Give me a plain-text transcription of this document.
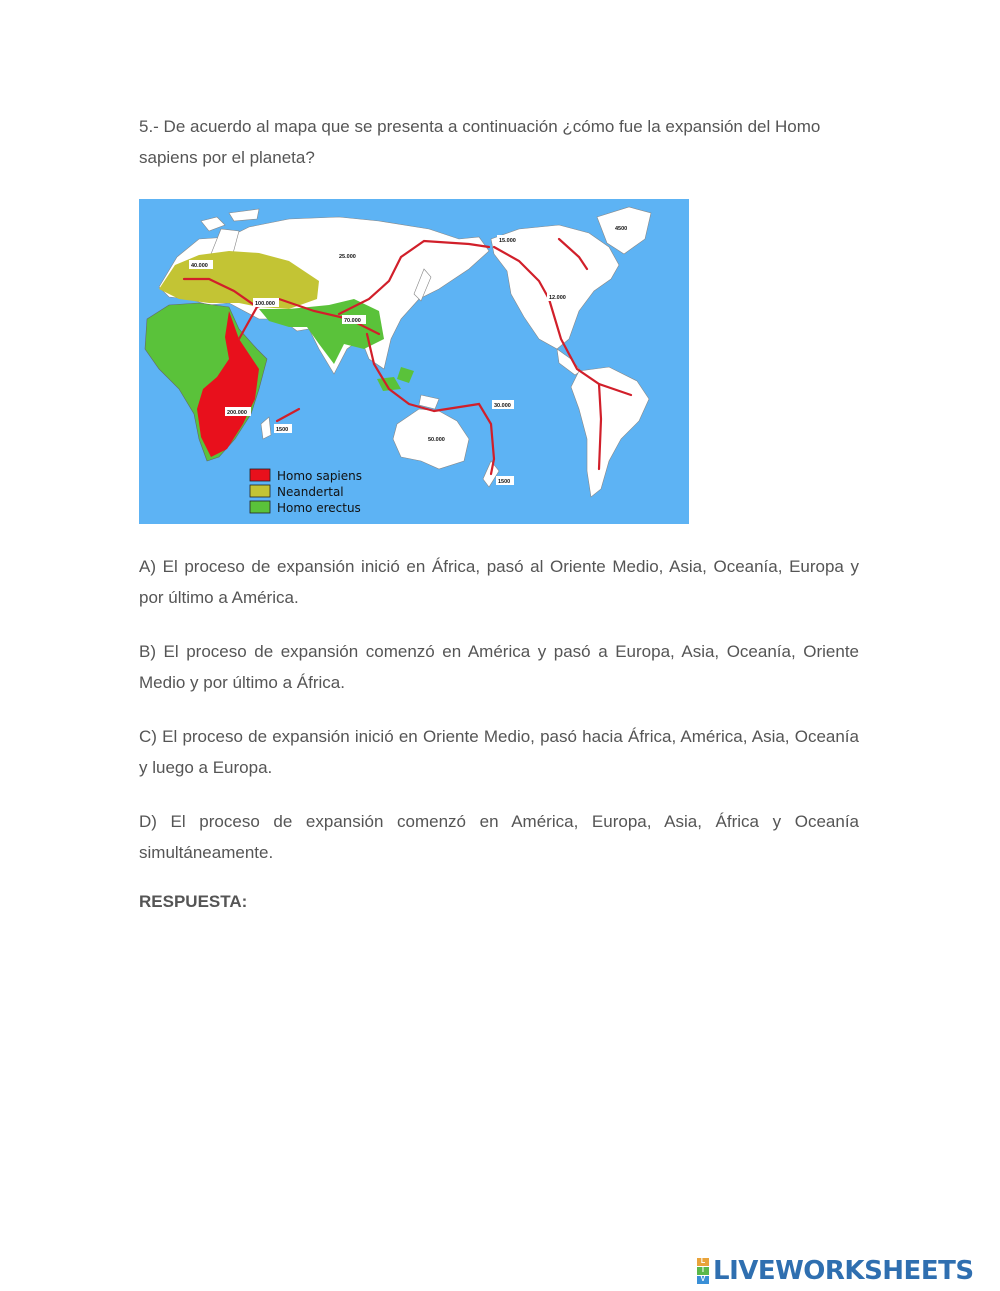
5.- De acuerdo al mapa que se presenta a continuación ¿cómo fue la expansión del Homo sapiens por el planeta?

40.000
25.000
15.000
4500
12.000
100.000
70.000
200.000
1500
30.000
50.000
1500
Homo sapiens
Neandertal
Homo erectus

A) El proceso de expansión inició en África, pasó al Oriente Medio, Asia, Oceanía, Europa y por último a América.

B) El proceso de expansión comenzó en América y pasó a Europa, Asia, Oceanía, Oriente Medio y por último a África.

C) El proceso de expansión inició en Oriente Medio, pasó hacia África, América, Asia, Oceanía y luego a Europa.

D) El proceso de expansión comenzó en América, Europa, Asia, África y Oceanía simultáneamente.

RESPUESTA:
L
I
V LIVEWORKSHEETS
